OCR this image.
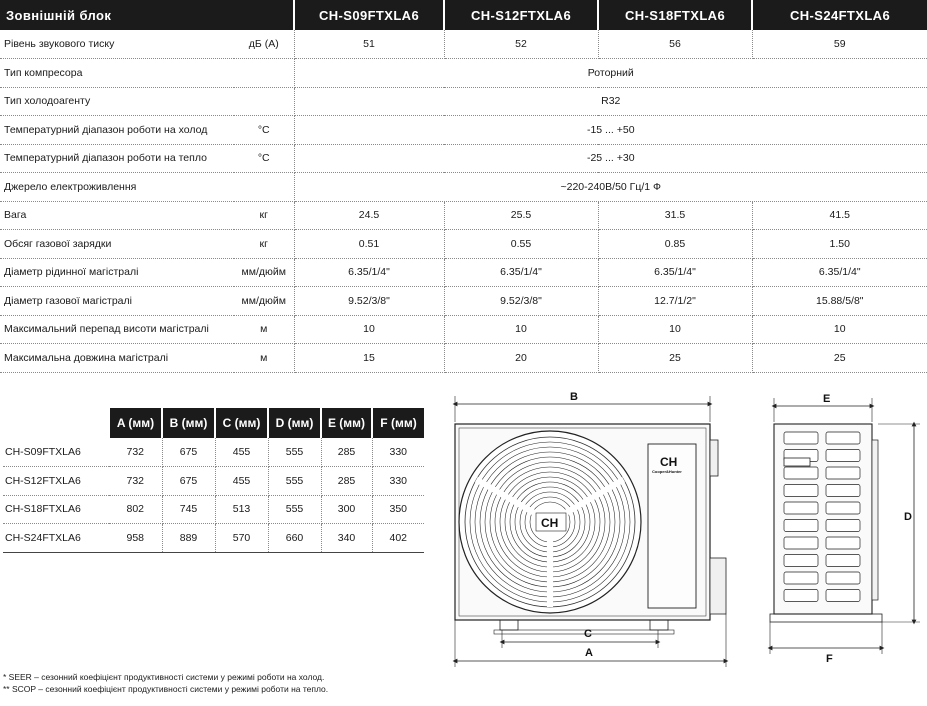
Зовнішній блок		CH-S09FTXLA6	CH-S12FTXLA6	CH-S18FTXLA6	CH-S24FTXLA6
Рівень звукового тиску	дБ (А)	51	52	56	59
Тип компресора		Роторний			
Тип холодоагенту		R32			
Температурний діапазон роботи на холод	°C	-15 ... +50			
Температурний діапазон роботи на тепло	°C	-25 ... +30			
Джерело електроживлення		~220-240В/50 Гц/1 Ф			
Вага	кг	24.5	25.5	31.5	41.5
Обсяг газової зарядки	кг	0.51	0.55	0.85	1.50
Діаметр рідинної магістралі	мм/дюйм	6.35/1/4"	6.35/1/4"	6.35/1/4"	6.35/1/4"
Діаметр газової магістралі	мм/дюйм	9.52/3/8"	9.52/3/8"	12.7/1/2"	15.88/5/8"
Максимальний перепад висоти магістралі	м	10	10	10	10
Максимальна довжина магістралі	м	15	20	25	25
	A (мм)	B (мм)	C (мм)	D (мм)	E (мм)	F (мм)
CH-S09FTXLA6	732	675	455	555	285	330
CH-S12FTXLA6	732	675	455	555	285	330
CH-S18FTXLA6	802	745	513	555	300	350
CH-S24FTXLA6	958	889	570	660	340	402
B
CH
CH
Cooper&Hunter
C
A
E
D
F
* SEER – сезонний коефіцієнт продуктивності системи у режимі роботи на холод.
** SCOP – сезонний коефіцієнт продуктивності системи у режимі роботи на тепло.
